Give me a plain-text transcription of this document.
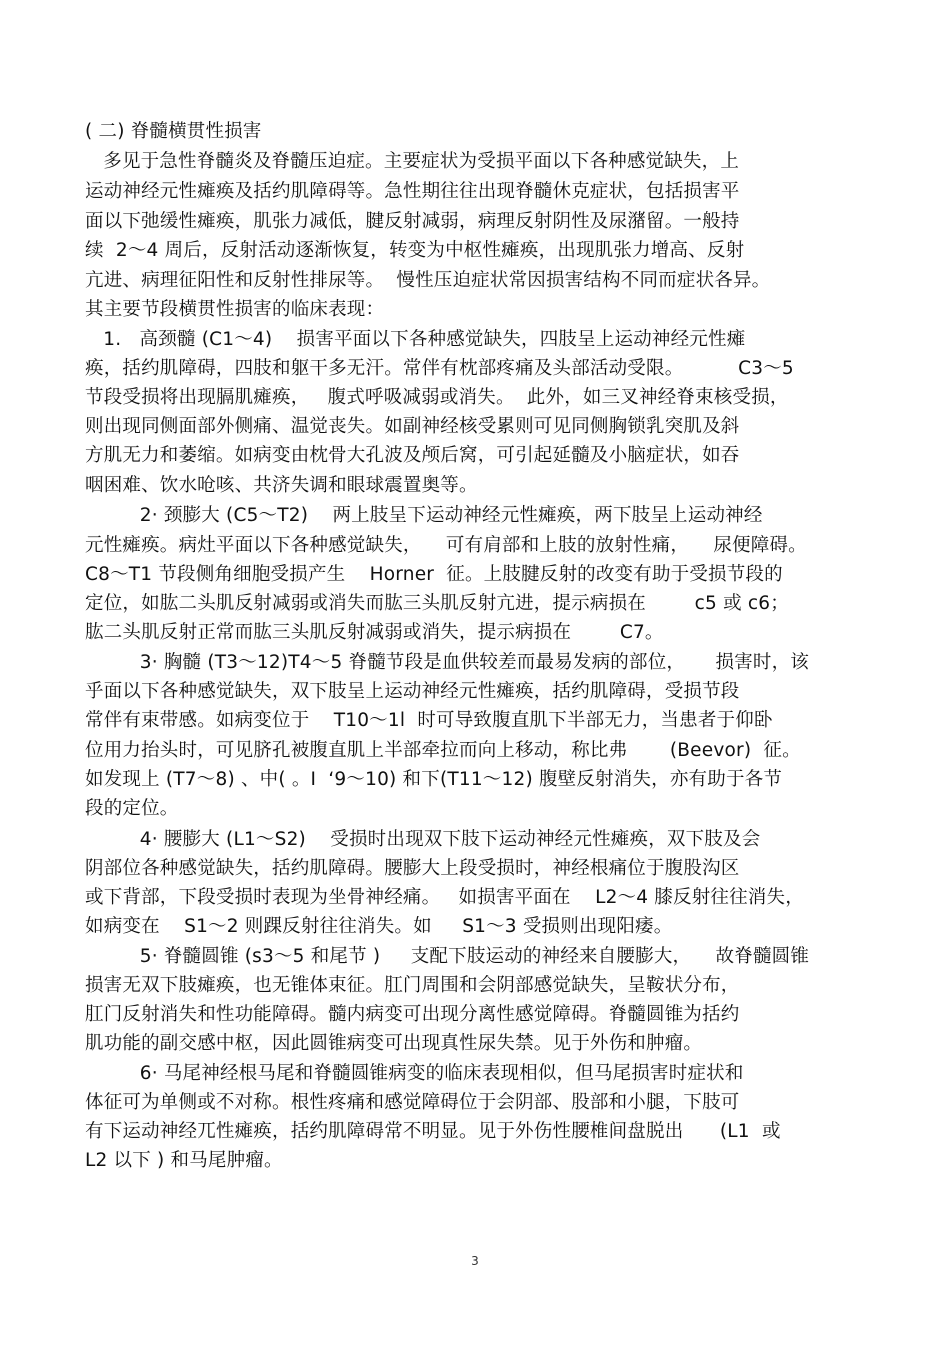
( 二) 脊髓横贯性损害
多见于急性脊髓炎及脊髓压迫症。主要症状为受损平面以下各种感觉缺失，上
运动神经元性瘫痪及括约肌障碍等。急性期往往出现脊髓休克症状，包括损害平
面以下弛缓性瘫痪，肌张力减低，腱反射减弱，病理反射阴性及尿潴留。一般持
续  2～4 周后，反射活动逐渐恢复，转变为中枢性瘫痪，出现肌张力增高、反射
亢进、病理征阳性和反射性排尿等。  慢性压迫症状常因损害结构不同而症状各异。
其主要节段横贯性损害的临床表现：
1.   高颈髓 (C1～4)    损害平面以下各种感觉缺失，四肢呈上运动神经元性瘫
痪，括约肌障碍，四肢和躯干多无汗。常伴有枕部疼痛及头部活动受限。         C3～5
节段受损将出现膈肌瘫痪，   腹式呼吸减弱或消失。  此外，如三叉神经脊束核受损，
则出现同侧面部外侧痛、温觉丧失。如副神经核受累则可见同侧胸锁乳突肌及斜
方肌无力和萎缩。如病变由枕骨大孔波及颅后窝，可引起延髓及小脑症状，如吞
咽困难、饮水呛咳、共济失调和眼球震置奥等。
2· 颈膨大 (C5～T2)    两上肢呈下运动神经元性瘫痪，两下肢呈上运动神经
元性瘫痪。病灶平面以下各种感觉缺失，    可有肩部和上肢的放射性痛，    尿便障碍。
C8～T1 节段侧角细胞受损产生    Horner  征。上肢腱反射的改变有助于受损节段的
定位，如肱二头肌反射减弱或消失而肱三头肌反射亢进，提示病损在        c5 或 c6；
肱二头肌反射正常而肱三头肌反射减弱或消失，提示病损在        C7。
3· 胸髓 (T3～12)T4～5 脊髓节段是血供较差而最易发病的部位，     损害时，该
乎面以下各种感觉缺失，双下肢呈上运动神经元性瘫痪，括约肌障碍，受损节段
常伴有束带感。如病变位于    T10～1l  时可导致腹直肌下半部无力，当患者于仰卧
位用力抬头时，可见脐孔被腹直肌上半部牵拉而向上移动，称比弗       (Beevor)  征。
如发现上 (T7～8) 、中( 。I  ‘9～10) 和下(T11～12) 腹壁反射消失，亦有助于各节
段的定位。
4· 腰膨大 (L1～S2)    受损时出现双下肢下运动神经元性瘫痪，双下肢及会
阴部位各种感觉缺失，括约肌障碍。腰膨大上段受损时，神经根痛位于腹股沟区
或下背部，下段受损时表现为坐骨神经痛。   如损害平面在    L2～4 膝反射往往消失，
如病变在    S1～2 则踝反射往往消失。如     S1～3 受损则出现阳痿。
5· 脊髓圆锥 (s3～5 和尾节 )     支配下肢运动的神经来自腰膨大，    故脊髓圆锥
损害无双下肢瘫痪，也无锥体束征。肛门周围和会阴部感觉缺失，呈鞍状分布，
肛门反射消失和性功能障碍。髓内病变可出现分离性感觉障碍。脊髓圆锥为括约
肌功能的副交感中枢，因此圆锥病变可出现真性尿失禁。见于外伤和肿瘤。
6· 马尾神经根马尾和脊髓圆锥病变的临床表现相似，但马尾损害时症状和
体征可为单侧或不对称。根性疼痛和感觉障碍位于会阴部、股部和小腿，下肢可
有下运动神经兀性瘫痪，括约肌障碍常不明显。见于外伤性腰椎间盘脱出      (L1  或
L2 以下 ) 和马尾肿瘤。
3
